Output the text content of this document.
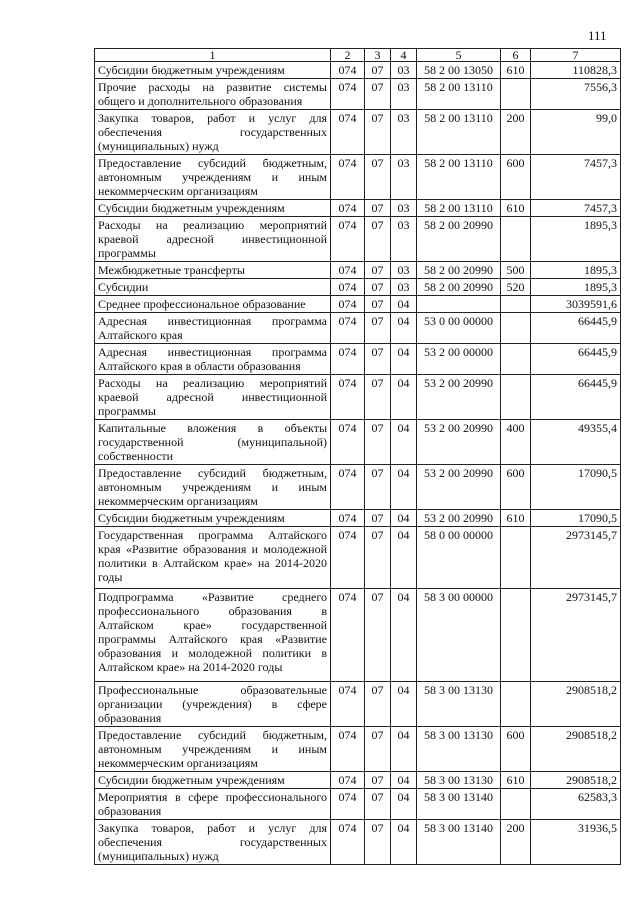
111
1	2	3	4	5	6	7
Субсидии бюджетным учреждениям	074	07	03	58 2 00 13050	610	110828,3
Прочие расходы на развитие системы общего и дополнительного образования	074	07	03	58 2 00 13110		7556,3
Закупка товаров, работ и услуг для обеспечения государственных (муниципальных) нужд	074	07	03	58 2 00 13110	200	99,0
Предоставление субсидий бюджетным, автономным учреждениям и иным некоммерческим организациям	074	07	03	58 2 00 13110	600	7457,3
Субсидии бюджетным учреждениям	074	07	03	58 2 00 13110	610	7457,3
Расходы на реализацию мероприятий краевой адресной инвестиционной программы	074	07	03	58 2 00 20990		1895,3
Межбюджетные трансферты	074	07	03	58 2 00 20990	500	1895,3
Субсидии	074	07	03	58 2 00 20990	520	1895,3
Среднее профессиональное образование	074	07	04			3039591,6
Адресная инвестиционная программа Алтайского края	074	07	04	53 0 00 00000		66445,9
Адресная инвестиционная программа Алтайского края в области образования	074	07	04	53 2 00 00000		66445,9
Расходы на реализацию мероприятий краевой адресной инвестиционной программы	074	07	04	53 2 00 20990		66445,9
Капитальные вложения в объекты государственной (муниципальной) собственности	074	07	04	53 2 00 20990	400	49355,4
Предоставление субсидий бюджетным, автономным учреждениям и иным некоммерческим организациям	074	07	04	53 2 00 20990	600	17090,5
Субсидии бюджетным учреждениям	074	07	04	53 2 00 20990	610	17090,5
Государственная программа Алтайского края «Развитие образования и молодежной политики в Алтайском крае» на 2014-2020 годы	074	07	04	58 0 00 00000		2973145,7
Подпрограмма «Развитие среднего профессионального образования в Алтайском крае» государственной программы Алтайского края «Развитие образования и молодежной политики в Алтайском крае» на 2014-2020 годы	074	07	04	58 3 00 00000		2973145,7
Профессиональные образовательные организации (учреждения) в сфере образования	074	07	04	58 3 00 13130		2908518,2
Предоставление субсидий бюджетным, автономным учреждениям и иным некоммерческим организациям	074	07	04	58 3 00 13130	600	2908518,2
Субсидии бюджетным учреждениям	074	07	04	58 3 00 13130	610	2908518,2
Мероприятия в сфере профессионального образования	074	07	04	58 3 00 13140		62583,3
Закупка товаров, работ и услуг для обеспечения государственных (муниципальных) нужд	074	07	04	58 3 00 13140	200	31936,5
